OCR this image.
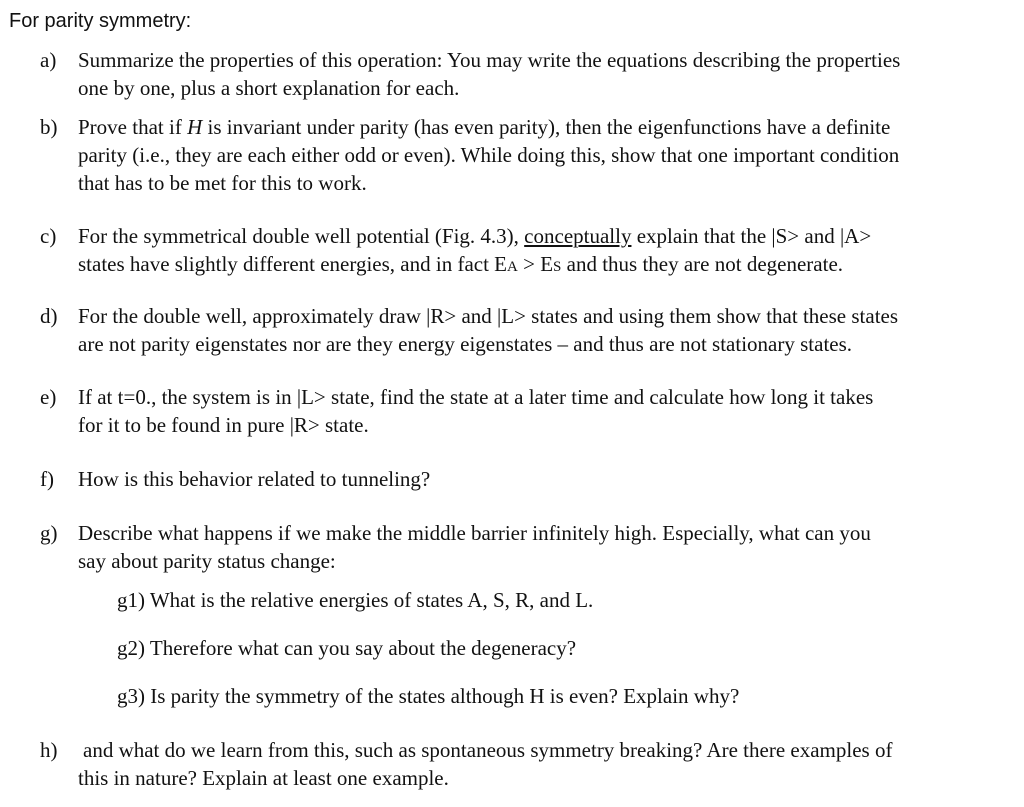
For parity symmetry:
a) Summarize the properties of this operation: You may write the equations describing the properties
one by one, plus a short explanation for each.
b) Prove that if H is invariant under parity (has even parity), then the eigenfunctions have a definite
parity (i.e., they are each either odd or even). While doing this, show that one important condition
that has to be met for this to work.
c) For the symmetrical double well potential (Fig. 4.3), conceptually explain that the |S> and |A>
states have slightly different energies, and in fact EA > ES and thus they are not degenerate.
d) For the double well, approximately draw |R> and |L> states and using them show that these states
are not parity eigenstates nor are they energy eigenstates – and thus are not stationary states.
e) If at t=0., the system is in |L> state, find the state at a later time and calculate how long it takes
for it to be found in pure |R> state.
f) How is this behavior related to tunneling?
g) Describe what happens if we make the middle barrier infinitely high. Especially, what can you
say about parity status change:
g1) What is the relative energies of states A, S, R, and L.
g2) Therefore what can you say about the degeneracy?
g3) Is parity the symmetry of the states although H is even? Explain why?
h) and what do we learn from this, such as spontaneous symmetry breaking? Are there examples of
this in nature? Explain at least one example.
